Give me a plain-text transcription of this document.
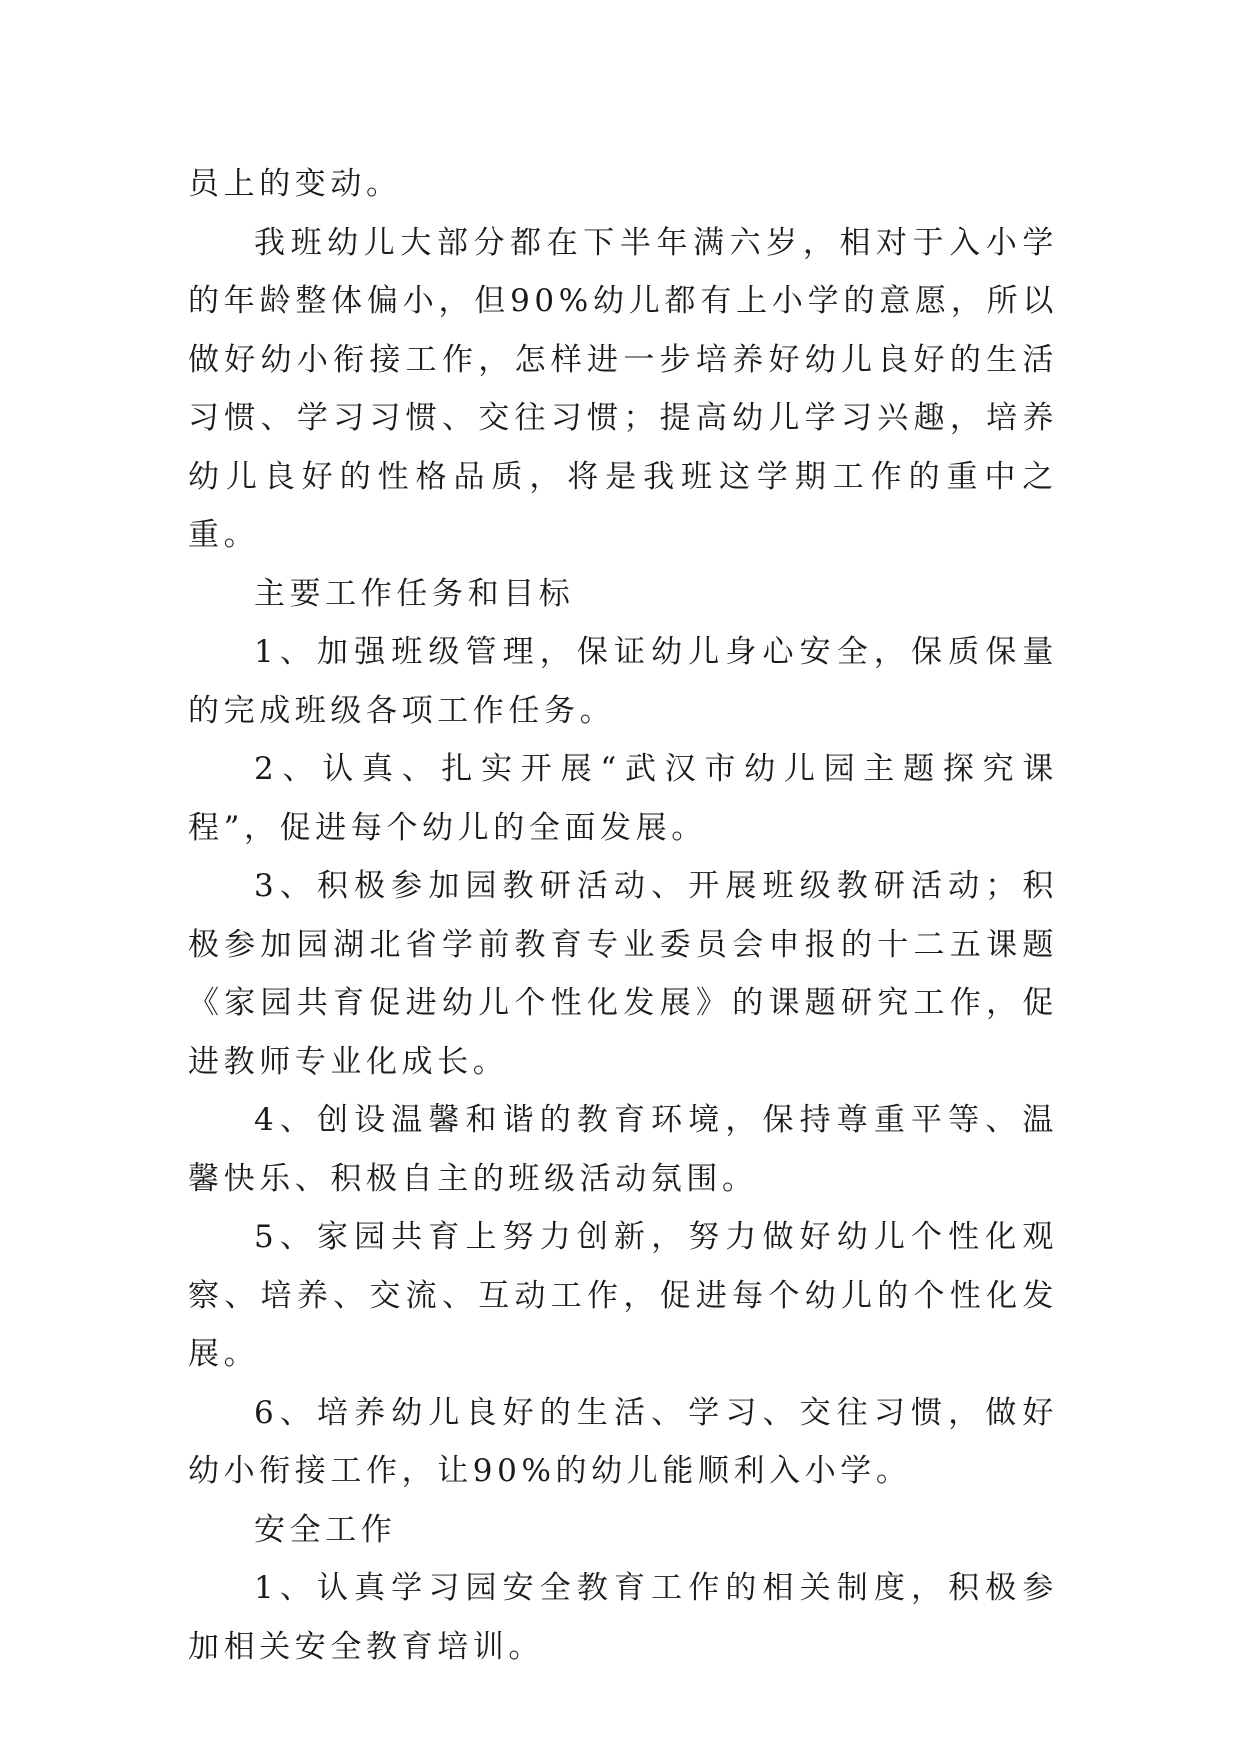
员上的变动。

我班幼儿大部分都在下半年满六岁，相对于入小学的年龄整体偏小，但90%幼儿都有上小学的意愿，所以做好幼小衔接工作，怎样进一步培养好幼儿良好的生活习惯、学习习惯、交往习惯；提高幼儿学习兴趣，培养幼儿良好的性格品质，将是我班这学期工作的重中之重。

主要工作任务和目标

1、加强班级管理，保证幼儿身心安全，保质保量的完成班级各项工作任务。

2、认真、扎实开展“武汉市幼儿园主题探究课程”，促进每个幼儿的全面发展。

3、积极参加园教研活动、开展班级教研活动；积极参加园湖北省学前教育专业委员会申报的十二五课题《家园共育促进幼儿个性化发展》的课题研究工作，促进教师专业化成长。

4、创设温馨和谐的教育环境，保持尊重平等、温馨快乐、积极自主的班级活动氛围。

5、家园共育上努力创新，努力做好幼儿个性化观察、培养、交流、互动工作，促进每个幼儿的个性化发展。

6、培养幼儿良好的生活、学习、交往习惯，做好幼小衔接工作，让90%的幼儿能顺利入小学。

安全工作

1、认真学习园安全教育工作的相关制度，积极参加相关安全教育培训。
